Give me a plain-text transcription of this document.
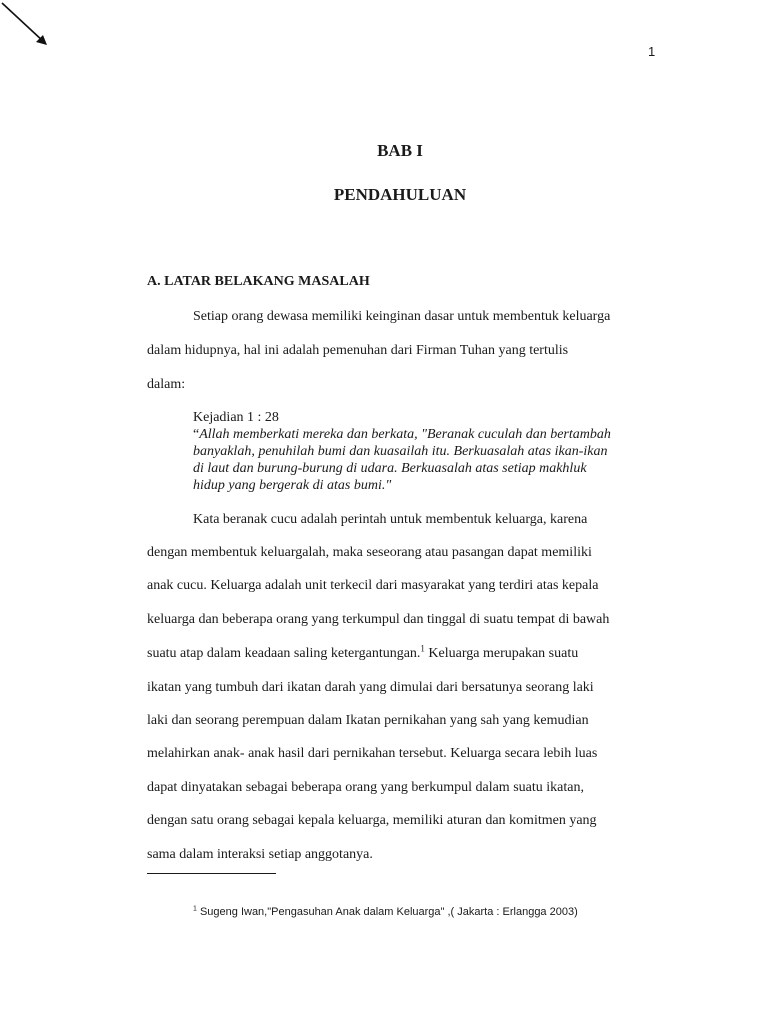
1
BAB I
PENDAHULUAN
A. LATAR BELAKANG MASALAH
Setiap orang dewasa memiliki keinginan dasar untuk membentuk keluarga
dalam hidupnya, hal ini adalah pemenuhan dari Firman Tuhan yang tertulis
dalam:
Kejadian 1 : 28
“Allah memberkati mereka dan berkata, "Beranak cuculah dan bertambah
banyaklah, penuhilah bumi dan kuasailah itu. Berkuasalah atas ikan-ikan
di laut dan burung-burung di udara. Berkuasalah atas setiap makhluk
hidup yang bergerak di atas bumi."
Kata beranak cucu adalah perintah untuk membentuk keluarga, karena
dengan membentuk keluargalah, maka seseorang atau pasangan dapat memiliki
anak cucu. Keluarga adalah unit terkecil dari masyarakat yang terdiri atas kepala
keluarga dan beberapa orang yang terkumpul dan tinggal di suatu tempat di bawah
suatu atap dalam keadaan saling ketergantungan.$^1$ Keluarga merupakan suatu
ikatan yang tumbuh dari ikatan darah yang dimulai dari bersatunya seorang laki
laki dan seorang perempuan dalam Ikatan pernikahan yang sah yang kemudian
melahirkan anak- anak hasil dari pernikahan tersebut. Keluarga secara lebih luas
dapat dinyatakan sebagai beberapa orang yang berkumpul dalam suatu ikatan,
dengan satu orang sebagai kepala keluarga, memiliki aturan dan komitmen yang
sama dalam interaksi setiap anggotanya.
$^1$ Sugeng Iwan,"Pengasuhan Anak dalam Keluarga" ,( Jakarta : Erlangga 2003)
